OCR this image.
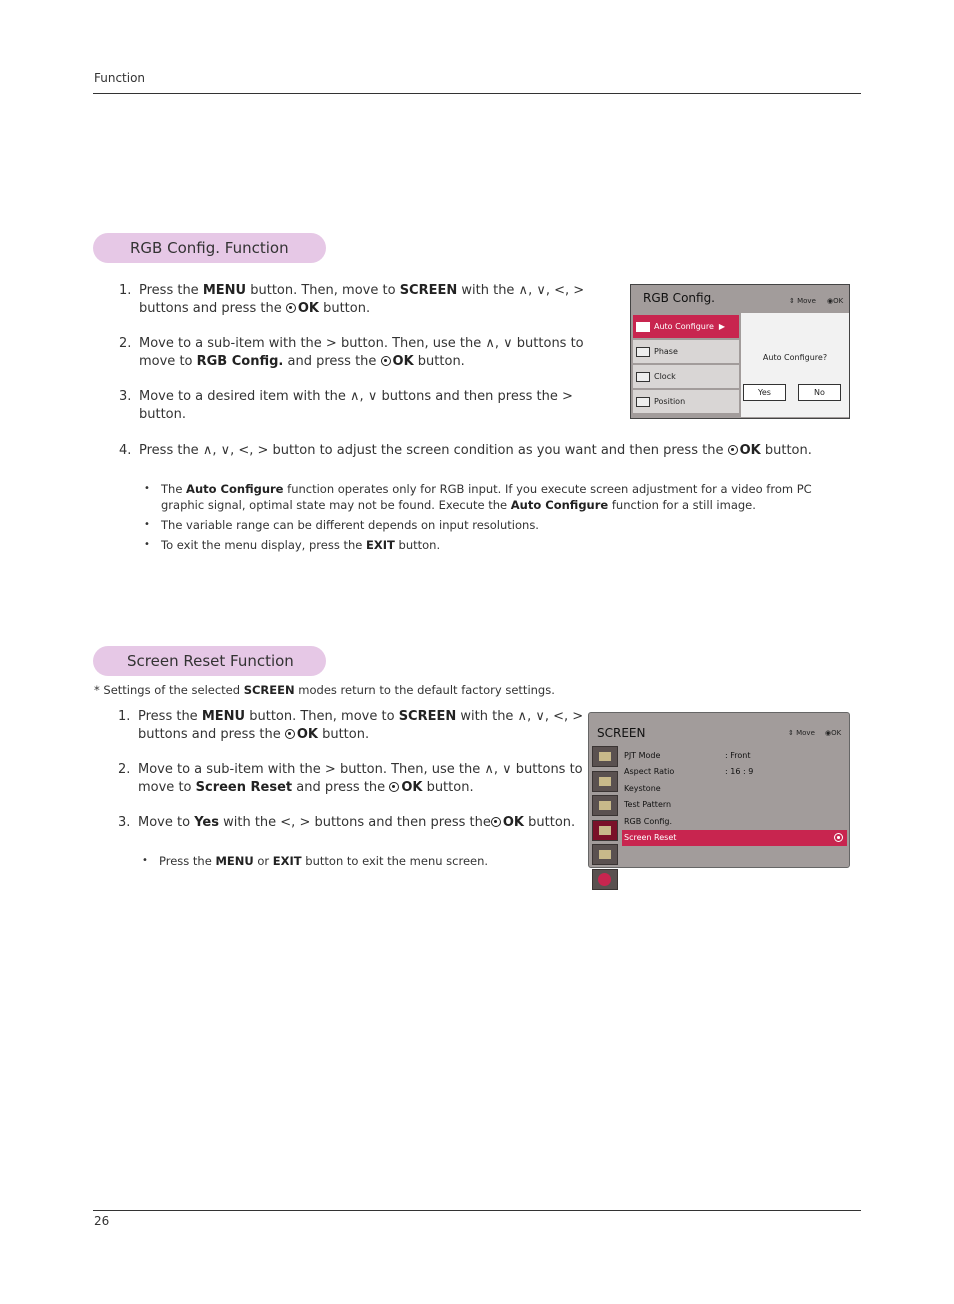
Function
RGB Config. Function
1. Press the MENU button. Then, move to SCREEN with the ∧, ∨, <, > buttons and press the OK button.
2. Move to a sub-item with the > button. Then, use the ∧, ∨ buttons to move to RGB Config. and press the OK button.
3. Move to a desired item with the ∧, ∨ buttons and then press the > button.
4. Press the ∧, ∨, <, > button to adjust the screen condition as you want and then press the OK button.
• The Auto Configure function operates only for RGB input. If you execute screen adjustment for a video from PC graphic signal, optimal state may not be found. Execute the Auto Configure function for a still image.
• The variable range can be different depends on input resolutions.
• To exit the menu display, press the EXIT button.
RGB Config.	⇕ Move ◉OK
Auto Configure ▶
Phase
Clock
Position
Auto Configure?
Yes	No
Screen Reset Function
* Settings of the selected SCREEN modes return to the default factory settings.
1. Press the MENU button. Then, move to SCREEN with the ∧, ∨, <, > buttons and press the OK button.
2. Move to a sub-item with the > button. Then, use the ∧, ∨ buttons to move to Screen Reset and press the OK button.
3. Move to Yes with the <, > buttons and then press the OK button.
• Press the MENU or EXIT button to exit the menu screen.
SCREEN	⇕ Move ◉OK
PJT Mode	: Front
Aspect Ratio	: 16 : 9
Keystone
Test Pattern
RGB Config.
Screen Reset
26
